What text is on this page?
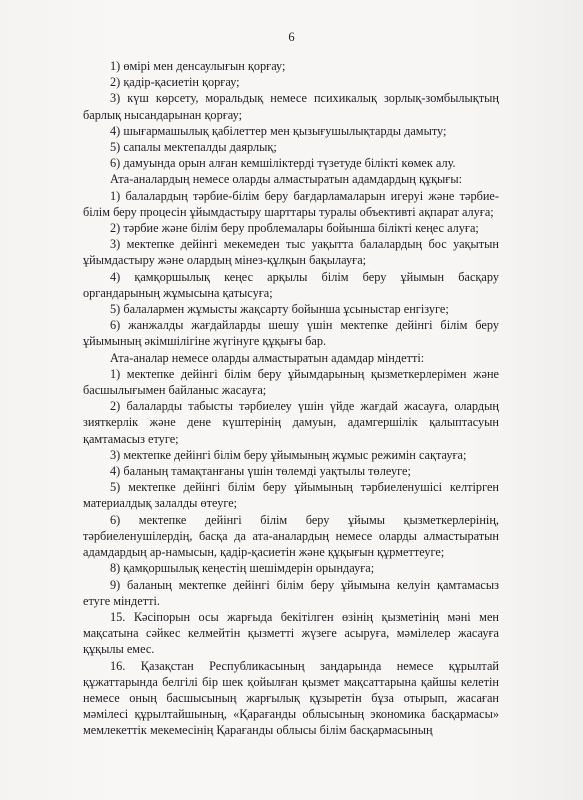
6

1) өмірі мен денсаулығын қорғау;

2) қадір-қасиетін қорғау;

3) күш көрсету, моральдық немесе психикалық зорлық-зомбылықтың барлық нысандарынан қорғау;

4) шығармашылық қабілеттер мен қызығушылықтарды дамыту;

5) сапалы мектепалды даярлық;

6) дамуында орын алған кемшіліктерді түзетуде білікті көмек алу.

Ата-аналардың немесе оларды алмастыратын адамдардың құқығы:

1) балалардың тәрбие-білім беру бағдарламаларын игеруі және тәрбие-білім беру процесін ұйымдастыру шарттары туралы объективті ақпарат алуға;

2) тәрбие және білім беру проблемалары бойынша білікті кеңес алуға;

3) мектепке дейінгі мекемеден тыс уақытта балалардың бос уақытын ұйымдастыру және олардың мінез-құлқын бақылауға;

4) қамқоршылық кеңес арқылы білім беру ұйымын басқару органдарының жұмысына қатысуға;

5) балалармен жұмысты жақсарту бойынша ұсыныстар енгізуге;

6) жанжалды жағдайларды шешу үшін мектепке дейінгі білім беру ұйымының әкімшілігіне жүгінуге құқығы бар.

Ата-аналар немесе оларды алмастыратын адамдар міндетті:

1) мектепке дейінгі білім беру ұйымдарының қызметкерлерімен және басшылығымен байланыс жасауға;

2) балаларды табысты тәрбиелеу үшін үйде жағдай жасауға, олардың зияткерлік және дене күштерінің дамуын, адамгершілік қалыптасуын қамтамасыз етуге;

3) мектепке дейінгі білім беру ұйымының жұмыс режимін сақтауға;

4) баланың тамақтанғаны үшін төлемді уақтылы төлеуге;

5) мектепке дейінгі білім беру ұйымының тәрбиеленушісі келтірген материалдық залалды өтеуге;

6) мектепке дейінгі білім беру ұйымы қызметкерлерінің, тәрбиеленушілердің, басқа да ата-аналардың немесе оларды алмастыратын адамдардың ар-намысын, қадір-қасиетін және құқығын құрметтеуге;

8) қамқоршылық кеңестің шешімдерін орындауға;

9) баланың мектепке дейінгі білім беру ұйымына келуін қамтамасыз етуге міндетті.

15. Кәсіпорын осы жарғыда бекітілген өзінің қызметінің мәні мен мақсатына сәйкес келмейтін қызметті жүзеге асыруға, мәмілелер жасауға құқылы емес.

16. Қазақстан Республикасының заңдарында немесе құрылтай құжаттарында белгілі бір шек қойылған қызмет мақсаттарына қайшы келетін немесе оның басшысының жарғылық құзыретін бұза отырып, жасаған мәмілесі құрылтайшының, «Қарағанды облысының экономика басқармасы» мемлекеттік мекемесінің Қарағанды облысы білім басқармасының
